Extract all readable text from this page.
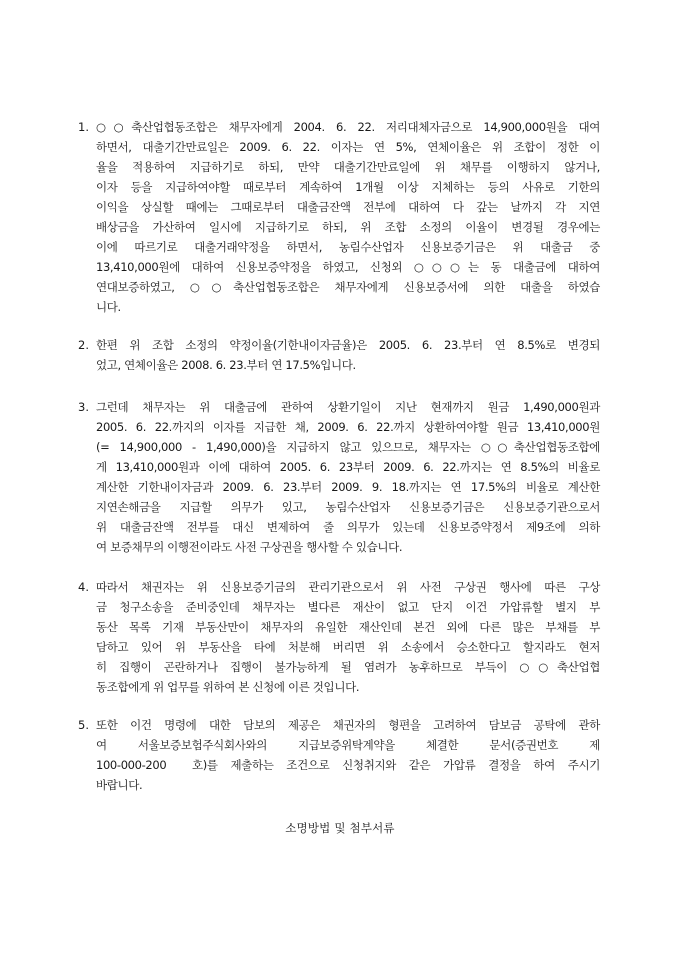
1. ○○축산업협동조합은 채무자에게 2004. 6. 22. 저리대체자금으로 14,900,000원을 대여
하면서, 대출기간만료일은 2009. 6. 22. 이자는 연 5%, 연체이율은 위 조합이 정한 이
율을 적용하여 지급하기로 하되, 만약 대출기간만료일에 위 채무를 이행하지 않거나,
이자 등을 지급하여야할 때로부터 계속하여 1개월 이상 지체하는 등의 사유로 기한의
이익을 상실할 때에는 그때로부터 대출금잔액 전부에 대하여 다 갚는 날까지 각 지연
배상금을 가산하여 일시에 지급하기로 하되, 위 조합 소정의 이율이 변경될 경우에는
이에 따르기로 대출거래약정을 하면서, 농림수산업자 신용보증기금은 위 대출금 중
13,410,000원에 대하여 신용보증약정을 하였고, 신청외 ○○○는 동 대출금에 대하여
연대보증하였고, ○○축산업협동조합은 채무자에게 신용보증서에 의한 대출을 하였습
니다.
2. 한편 위 조합 소정의 약정이율(기한내이자금율)은 2005. 6. 23.부터 연 8.5%로 변경되
었고, 연체이율은 2008. 6. 23.부터 연 17.5%입니다.
3. 그런데 채무자는 위 대출금에 관하여 상환기일이 지난 현재까지 원금 1,490,000원과
2005. 6. 22.까지의 이자를 지급한 채, 2009. 6. 22.까지 상환하여야할 원금 13,410,000원
(= 14,900,000 - 1,490,000)을 지급하지 않고 있으므로, 채무자는 ○○축산업협동조합에
게 13,410,000원과 이에 대하여 2005. 6. 23부터 2009. 6. 22.까지는 연 8.5%의 비율로
계산한 기한내이자금과 2009. 6. 23.부터 2009. 9. 18.까지는 연 17.5%의 비율로 계산한
지연손해금을 지급할 의무가 있고, 농림수산업자 신용보증기금은 신용보증기관으로서
위 대출금잔액 전부를 대신 변제하여 줄 의무가 있는데 신용보증약정서 제9조에 의하
여 보증채무의 이행전이라도 사전 구상권을 행사할 수 있습니다.
4. 따라서 채권자는 위 신용보증기금의 관리기관으로서 위 사전 구상권 행사에 따른 구상
금 청구소송을 준비중인데 채무자는 별다른 재산이 없고 단지 이건 가압류할 별지 부
동산 목록 기재 부동산만이 채무자의 유일한 재산인데 본건 외에 다른 많은 부채를 부
담하고 있어 위 부동산을 타에 처분해 버리면 위 소송에서 승소한다고 할지라도 현저
히 집행이 곤란하거나 집행이 불가능하게 될 염려가 농후하므로 부득이 ○○축산업협
동조합에게 위 업무를 위하여 본 신청에 이른 것입니다.
5. 또한 이건 명령에 대한 담보의 제공은 채권자의 형편을 고려하여 담보금 공탁에 관하
여   서울보증보험주식회사와의   지급보증위탁계약을   체결한   문서(증권번호   제
100-000-200  호)를 제출하는 조건으로 신청취지와 같은 가압류 결정을 하여 주시기
바랍니다.
소명방법 및 첨부서류
